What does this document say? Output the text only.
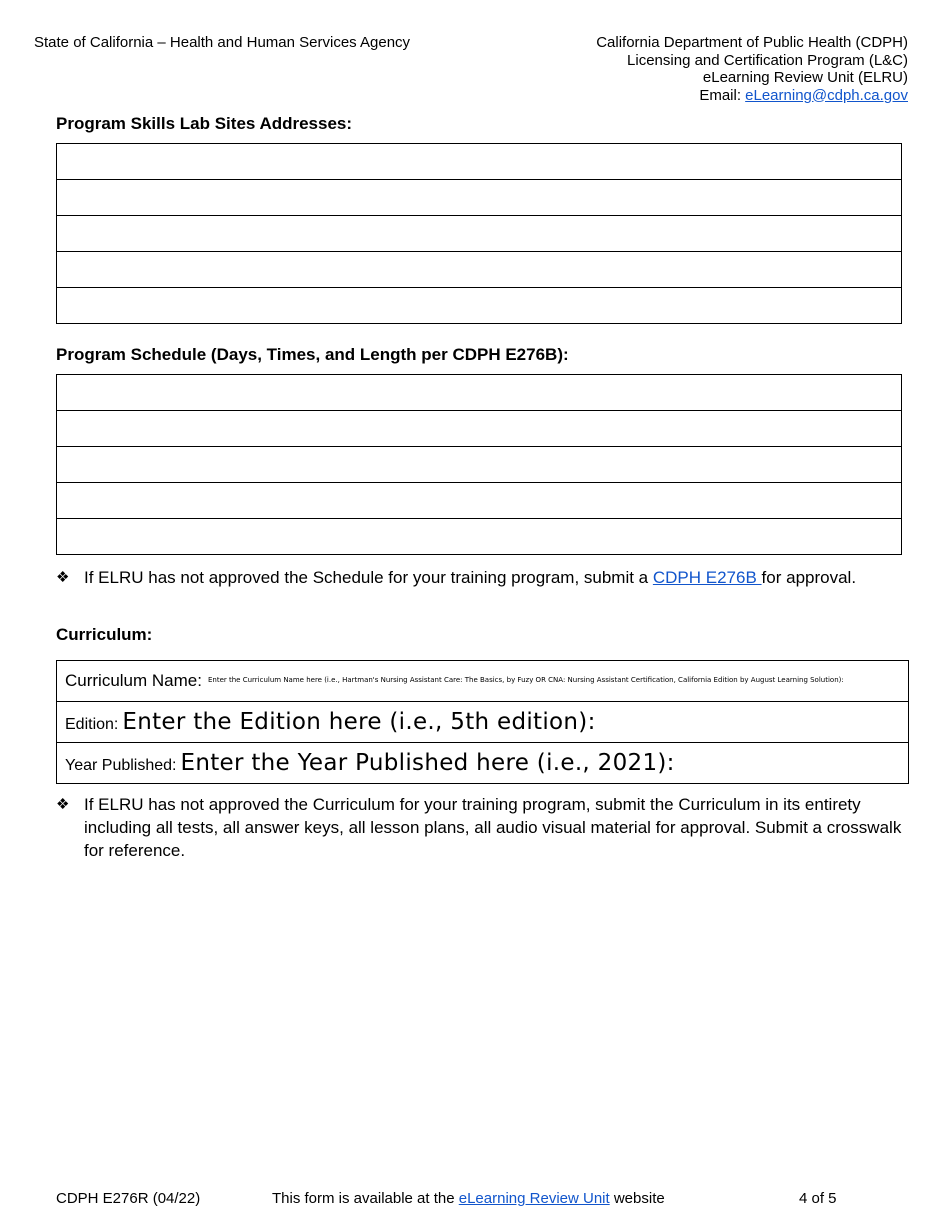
State of California – Health and Human Services Agency	California Department of Public Health (CDPH)
Licensing and Certification Program (L&C)
eLearning Review Unit (ELRU)
Email: eLearning@cdph.ca.gov
Program Skills Lab Sites Addresses:

Program Schedule (Days, Times, and Length per CDPH E276B):

❖ If ELRU has not approved the Schedule for your training program, submit a CDPH E276B for approval.
Curriculum:
Curriculum Name: $^{Enter the Curriculum Name here (i.e., Hartman's Nursing Assistant Care: The Basics, by Fuzy OR CNA: Nursing Assistant Certification, California Edition by August Learning Solution):}$
Edition: Enter the Edition here (i.e., 5th edition):
Year Published: Enter the Year Published here (i.e., 2021):
❖ If ELRU has not approved the Curriculum for your training program, submit the Curriculum in its entirety including all tests, all answer keys, all lesson plans, all audio visual material for approval. Submit a crosswalk for reference.
CDPH E276R (04/22)	This form is available at the eLearning Review Unit website	4 of 5
